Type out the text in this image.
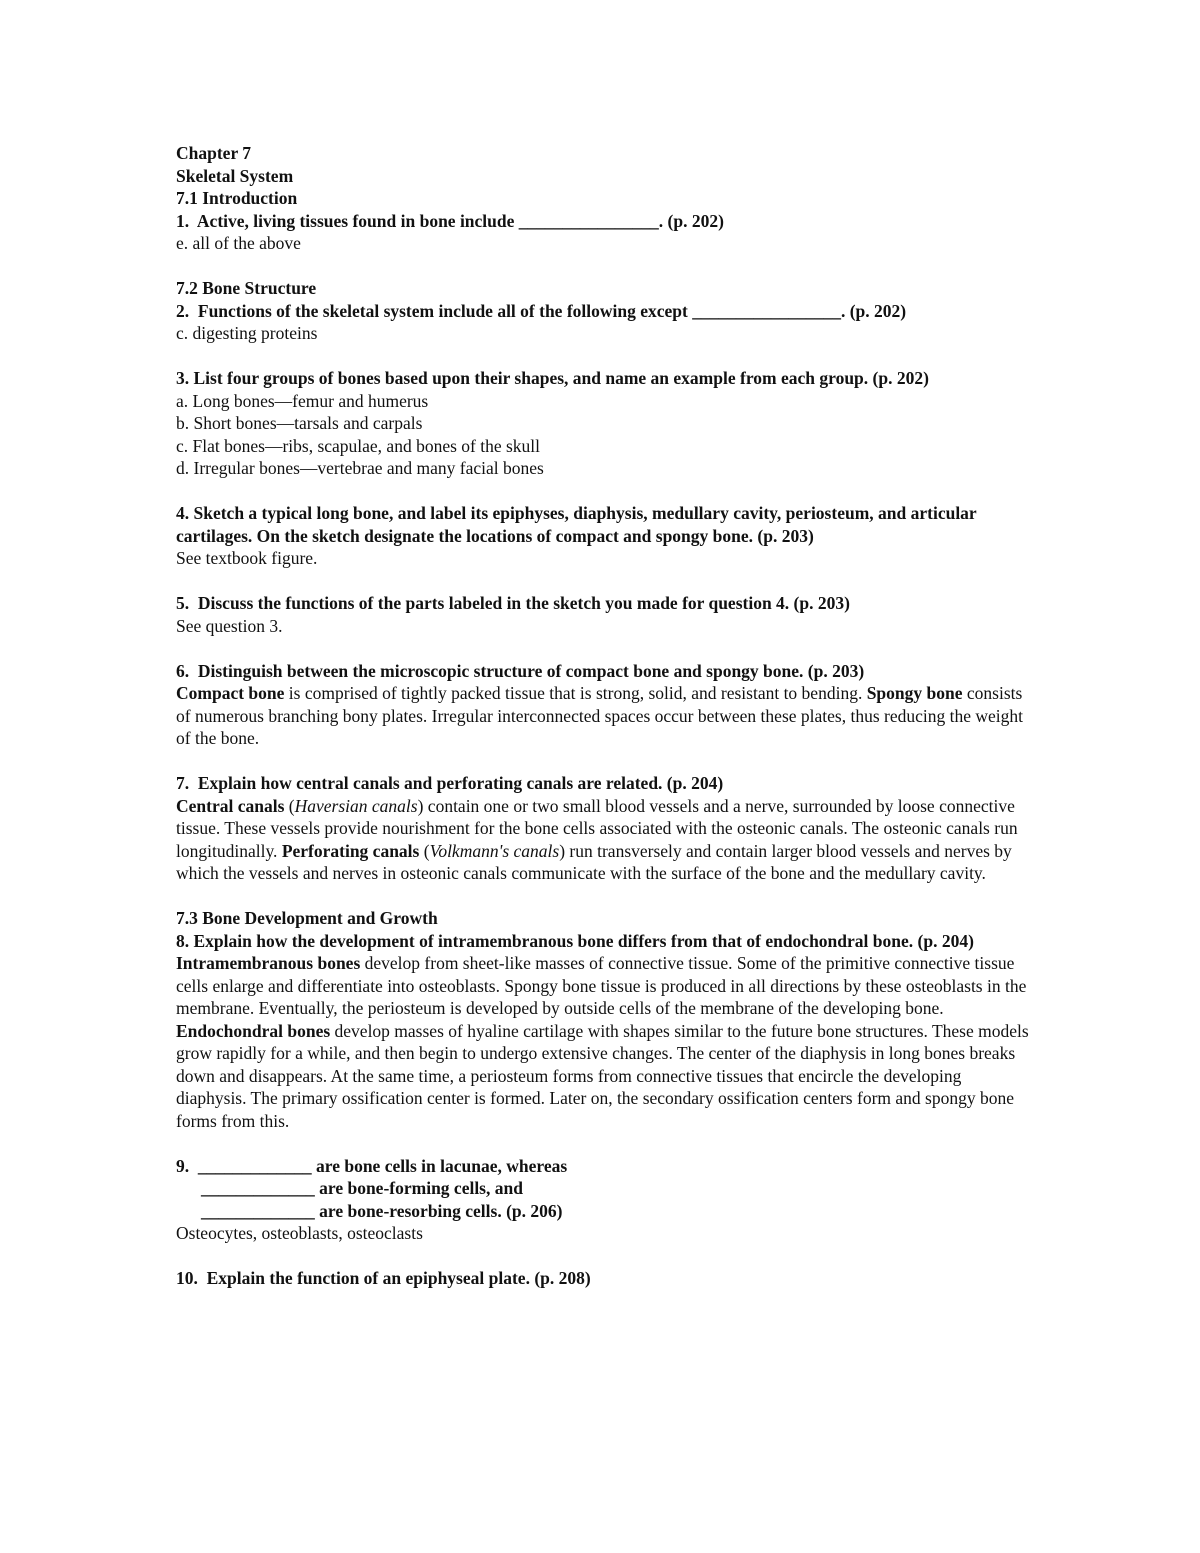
Chapter 7
Skeletal System
7.1 Introduction
1.  Active, living tissues found in bone include ________________. (p. 202)
e. all of the above
7.2 Bone Structure
2.  Functions of the skeletal system include all of the following except _________________. (p. 202)
c. digesting proteins
3. List four groups of bones based upon their shapes, and name an example from each group. (p. 202)
a. Long bones—femur and humerus
b. Short bones—tarsals and carpals
c. Flat bones—ribs, scapulae, and bones of the skull
d. Irregular bones—vertebrae and many facial bones
4. Sketch a typical long bone, and label its epiphyses, diaphysis, medullary cavity, periosteum, and articular cartilages. On the sketch designate the locations of compact and spongy bone. (p. 203)
See textbook figure.
5.  Discuss the functions of the parts labeled in the sketch you made for question 4. (p. 203)
See question 3.
6.  Distinguish between the microscopic structure of compact bone and spongy bone. (p. 203)
Compact bone is comprised of tightly packed tissue that is strong, solid, and resistant to bending. Spongy bone consists of numerous branching bony plates. Irregular interconnected spaces occur between these plates, thus reducing the weight of the bone.
7.  Explain how central canals and perforating canals are related. (p. 204)
Central canals (Haversian canals) contain one or two small blood vessels and a nerve, surrounded by loose connective tissue. These vessels provide nourishment for the bone cells associated with the osteonic canals. The osteonic canals run longitudinally. Perforating canals (Volkmann's canals) run transversely and contain larger blood vessels and nerves by which the vessels and nerves in osteonic canals communicate with the surface of the bone and the medullary cavity.
7.3 Bone Development and Growth
8. Explain how the development of intramembranous bone differs from that of endochondral bone. (p. 204)
Intramembranous bones develop from sheet-like masses of connective tissue. Some of the primitive connective tissue cells enlarge and differentiate into osteoblasts. Spongy bone tissue is produced in all directions by these osteoblasts in the membrane. Eventually, the periosteum is developed by outside cells of the membrane of the developing bone. Endochondral bones develop masses of hyaline cartilage with shapes similar to the future bone structures. These models grow rapidly for a while, and then begin to undergo extensive changes. The center of the diaphysis in long bones breaks down and disappears. At the same time, a periosteum forms from connective tissues that encircle the developing diaphysis. The primary ossification center is formed. Later on, the secondary ossification centers form and spongy bone forms from this.
9.  _____________ are bone cells in lacunae, whereas
_____________ are bone-forming cells, and
_____________ are bone-resorbing cells. (p. 206)
Osteocytes, osteoblasts, osteoclasts
10.  Explain the function of an epiphyseal plate. (p. 208)
